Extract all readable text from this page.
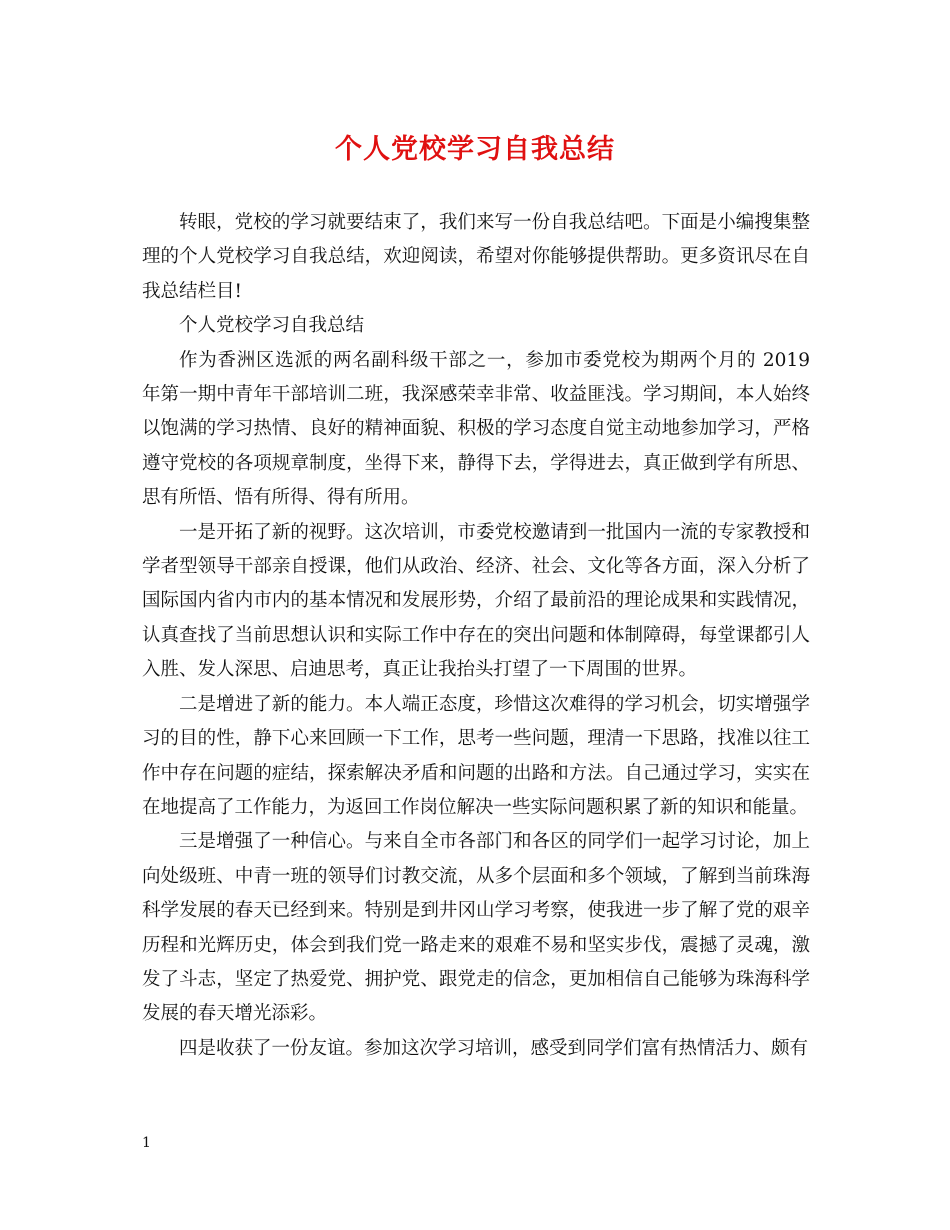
个人党校学习自我总结

转眼，党校的学习就要结束了，我们来写一份自我总结吧。下面是小编搜集整理的个人党校学习自我总结，欢迎阅读，希望对你能够提供帮助。更多资讯尽在自我总结栏目!

个人党校学习自我总结

作为香洲区选派的两名副科级干部之一，参加市委党校为期两个月的 2019 年第一期中青年干部培训二班，我深感荣幸非常、收益匪浅。学习期间，本人始终以饱满的学习热情、良好的精神面貌、积极的学习态度自觉主动地参加学习，严格遵守党校的各项规章制度，坐得下来，静得下去，学得进去，真正做到学有所思、思有所悟、悟有所得、得有所用。

一是开拓了新的视野。这次培训，市委党校邀请到一批国内一流的专家教授和学者型领导干部亲自授课，他们从政治、经济、社会、文化等各方面，深入分析了国际国内省内市内的基本情况和发展形势，介绍了最前沿的理论成果和实践情况，认真查找了当前思想认识和实际工作中存在的突出问题和体制障碍，每堂课都引人入胜、发人深思、启迪思考，真正让我抬头打望了一下周围的世界。

二是增进了新的能力。本人端正态度，珍惜这次难得的学习机会，切实增强学习的目的性，静下心来回顾一下工作，思考一些问题，理清一下思路，找准以往工作中存在问题的症结，探索解决矛盾和问题的出路和方法。自己通过学习，实实在在地提高了工作能力，为返回工作岗位解决一些实际问题积累了新的知识和能量。

三是增强了一种信心。与来自全市各部门和各区的同学们一起学习讨论，加上向处级班、中青一班的领导们讨教交流，从多个层面和多个领域，了解到当前珠海科学发展的春天已经到来。特别是到井冈山学习考察，使我进一步了解了党的艰辛历程和光辉历史，体会到我们党一路走来的艰难不易和坚实步伐，震撼了灵魂，激发了斗志，坚定了热爱党、拥护党、跟党走的信念，更加相信自己能够为珠海科学发展的春天增光添彩。

四是收获了一份友谊。参加这次学习培训，感受到同学们富有热情活力、颇有

1
